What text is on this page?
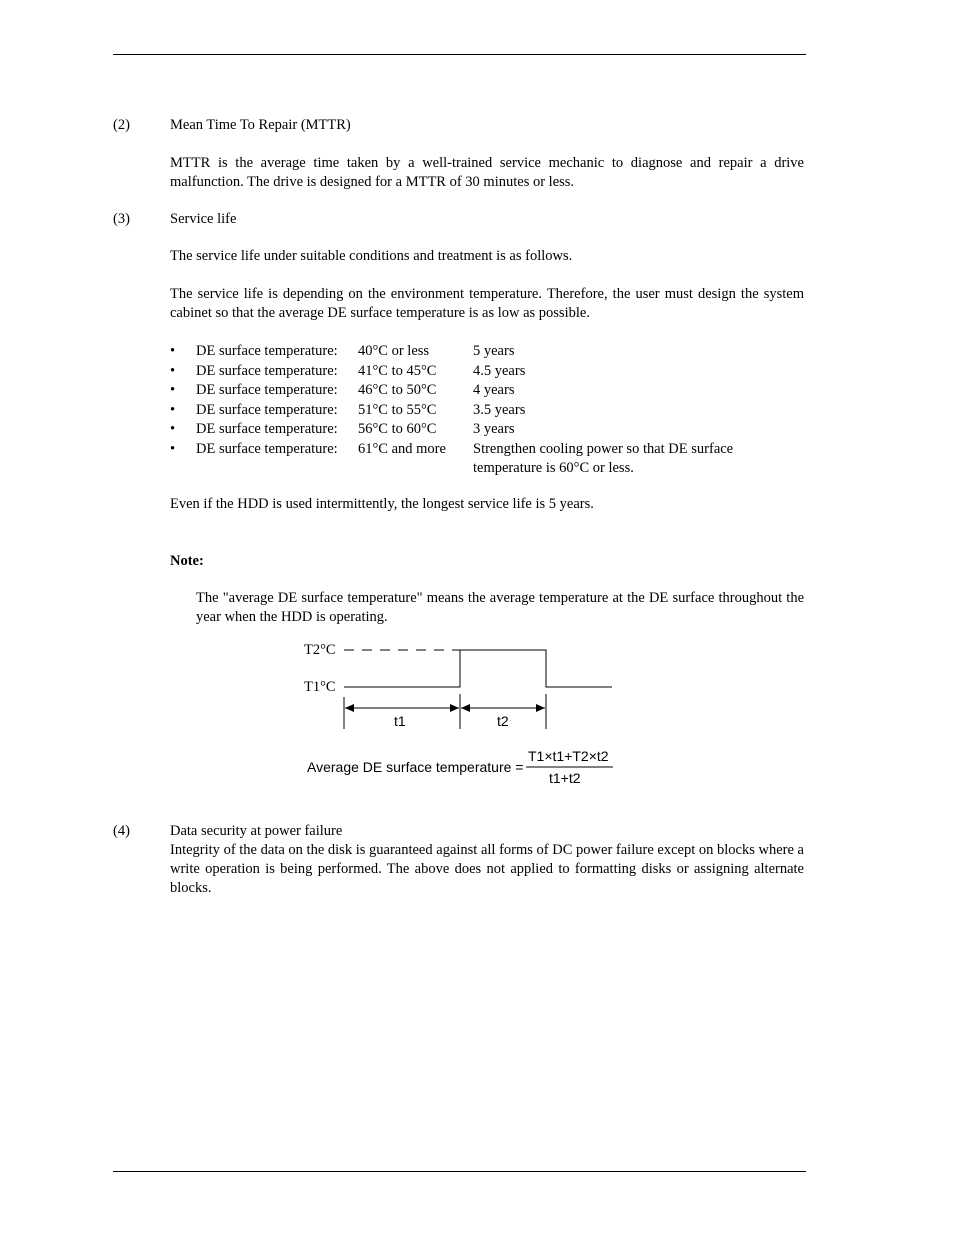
(2)	Mean Time To Repair (MTTR)
MTTR is the average time taken by a well-trained service mechanic to diagnose and repair a drive malfunction. The drive is designed for a MTTR of 30 minutes or less.
(3)	Service life
The service life under suitable conditions and treatment is as follows.
The service life is depending on the environment temperature. Therefore, the user must design the system cabinet so that the average DE surface temperature is as low as possible.
• DE surface temperature: 40°C or less	5 years
• DE surface temperature: 41°C to 45°C	4.5 years
• DE surface temperature: 46°C to 50°C	4 years
• DE surface temperature: 51°C to 55°C	3.5 years
• DE surface temperature: 56°C to 60°C	3 years
• DE surface temperature: 61°C and more Strengthen cooling power so that DE surface temperature is 60°C or less.
Even if the HDD is used intermittently, the longest service life is 5 years.
Note:
The "average DE surface temperature" means the average temperature at the DE surface throughout the year when the HDD is operating.
T2°C
T1°C
t1	t2
Average DE surface temperature =
T1×t1+T2×t2
t1+t2
(4)	Data security at power failure
Integrity of the data on the disk is guaranteed against all forms of DC power failure except on blocks where a write operation is being performed. The above does not applied to formatting disks or assigning alternate blocks.
